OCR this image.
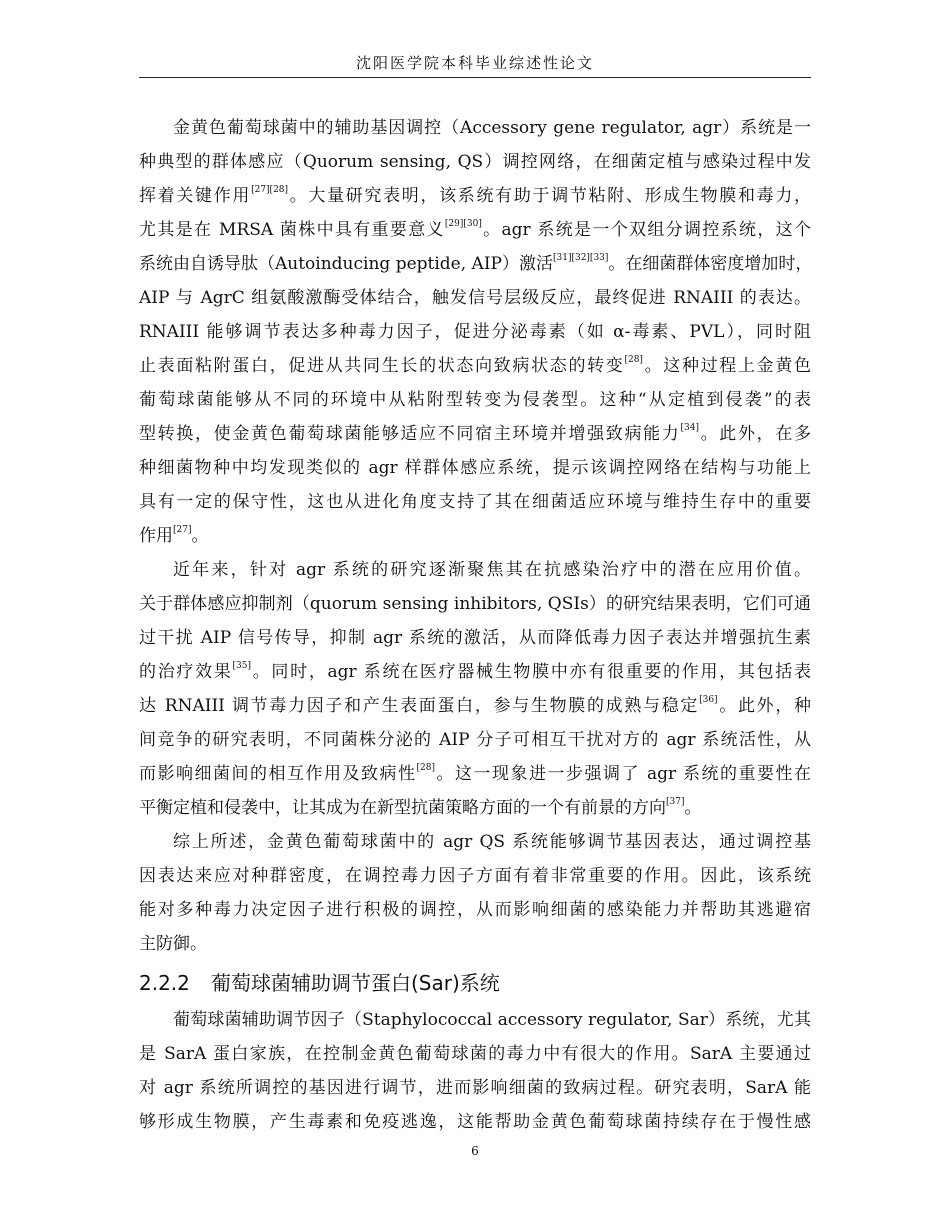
沈阳医学院本科毕业综述性论文
金黄色葡萄球菌中的辅助基因调控（Accessory gene regulator, agr）系统是一
种典型的群体感应（Quorum sensing, QS）调控网络，在细菌定植与感染过程中发
挥着关键作用[27][28]。大量研究表明，该系统有助于调节粘附、形成生物膜和毒力，
尤其是在 MRSA 菌株中具有重要意义[29][30]。agr 系统是一个双组分调控系统，这个
系统由自诱导肽（Autoinducing peptide, AIP）激活[31][32][33]。在细菌群体密度增加时，
AIP 与 AgrC 组氨酸激酶受体结合，触发信号层级反应，最终促进 RNAIII 的表达。
RNAIII 能够调节表达多种毒力因子，促进分泌毒素（如 α-毒素、PVL），同时阻
止表面粘附蛋白，促进从共同生长的状态向致病状态的转变[28]。这种过程上金黄色
葡萄球菌能够从不同的环境中从粘附型转变为侵袭型。这种“从定植到侵袭”的表
型转换，使金黄色葡萄球菌能够适应不同宿主环境并增强致病能力[34]。此外，在多
种细菌物种中均发现类似的 agr 样群体感应系统，提示该调控网络在结构与功能上
具有一定的保守性，这也从进化角度支持了其在细菌适应环境与维持生存中的重要
作用[27]。
近年来，针对 agr 系统的研究逐渐聚焦其在抗感染治疗中的潜在应用价值。
关于群体感应抑制剂（quorum sensing inhibitors, QSIs）的研究结果表明，它们可通
过干扰 AIP 信号传导，抑制 agr 系统的激活，从而降低毒力因子表达并增强抗生素
的治疗效果[35]。同时，agr 系统在医疗器械生物膜中亦有很重要的作用，其包括表
达 RNAIII 调节毒力因子和产生表面蛋白，参与生物膜的成熟与稳定[36]。此外，种
间竞争的研究表明，不同菌株分泌的 AIP 分子可相互干扰对方的 agr 系统活性，从
而影响细菌间的相互作用及致病性[28]。这一现象进一步强调了 agr 系统的重要性在
平衡定植和侵袭中，让其成为在新型抗菌策略方面的一个有前景的方向[37]。
综上所述，金黄色葡萄球菌中的 agr QS 系统能够调节基因表达，通过调控基
因表达来应对种群密度，在调控毒力因子方面有着非常重要的作用。因此，该系统
能对多种毒力决定因子进行积极的调控，从而影响细菌的感染能力并帮助其逃避宿
主防御。
2.2.2 葡萄球菌辅助调节蛋白(Sar)系统
葡萄球菌辅助调节因子（Staphylococcal accessory regulator, Sar）系统，尤其
是 SarA 蛋白家族，在控制金黄色葡萄球菌的毒力中有很大的作用。SarA 主要通过
对 agr 系统所调控的基因进行调节，进而影响细菌的致病过程。研究表明，SarA 能
够形成生物膜，产生毒素和免疫逃逸，这能帮助金黄色葡萄球菌持续存在于慢性感
6
